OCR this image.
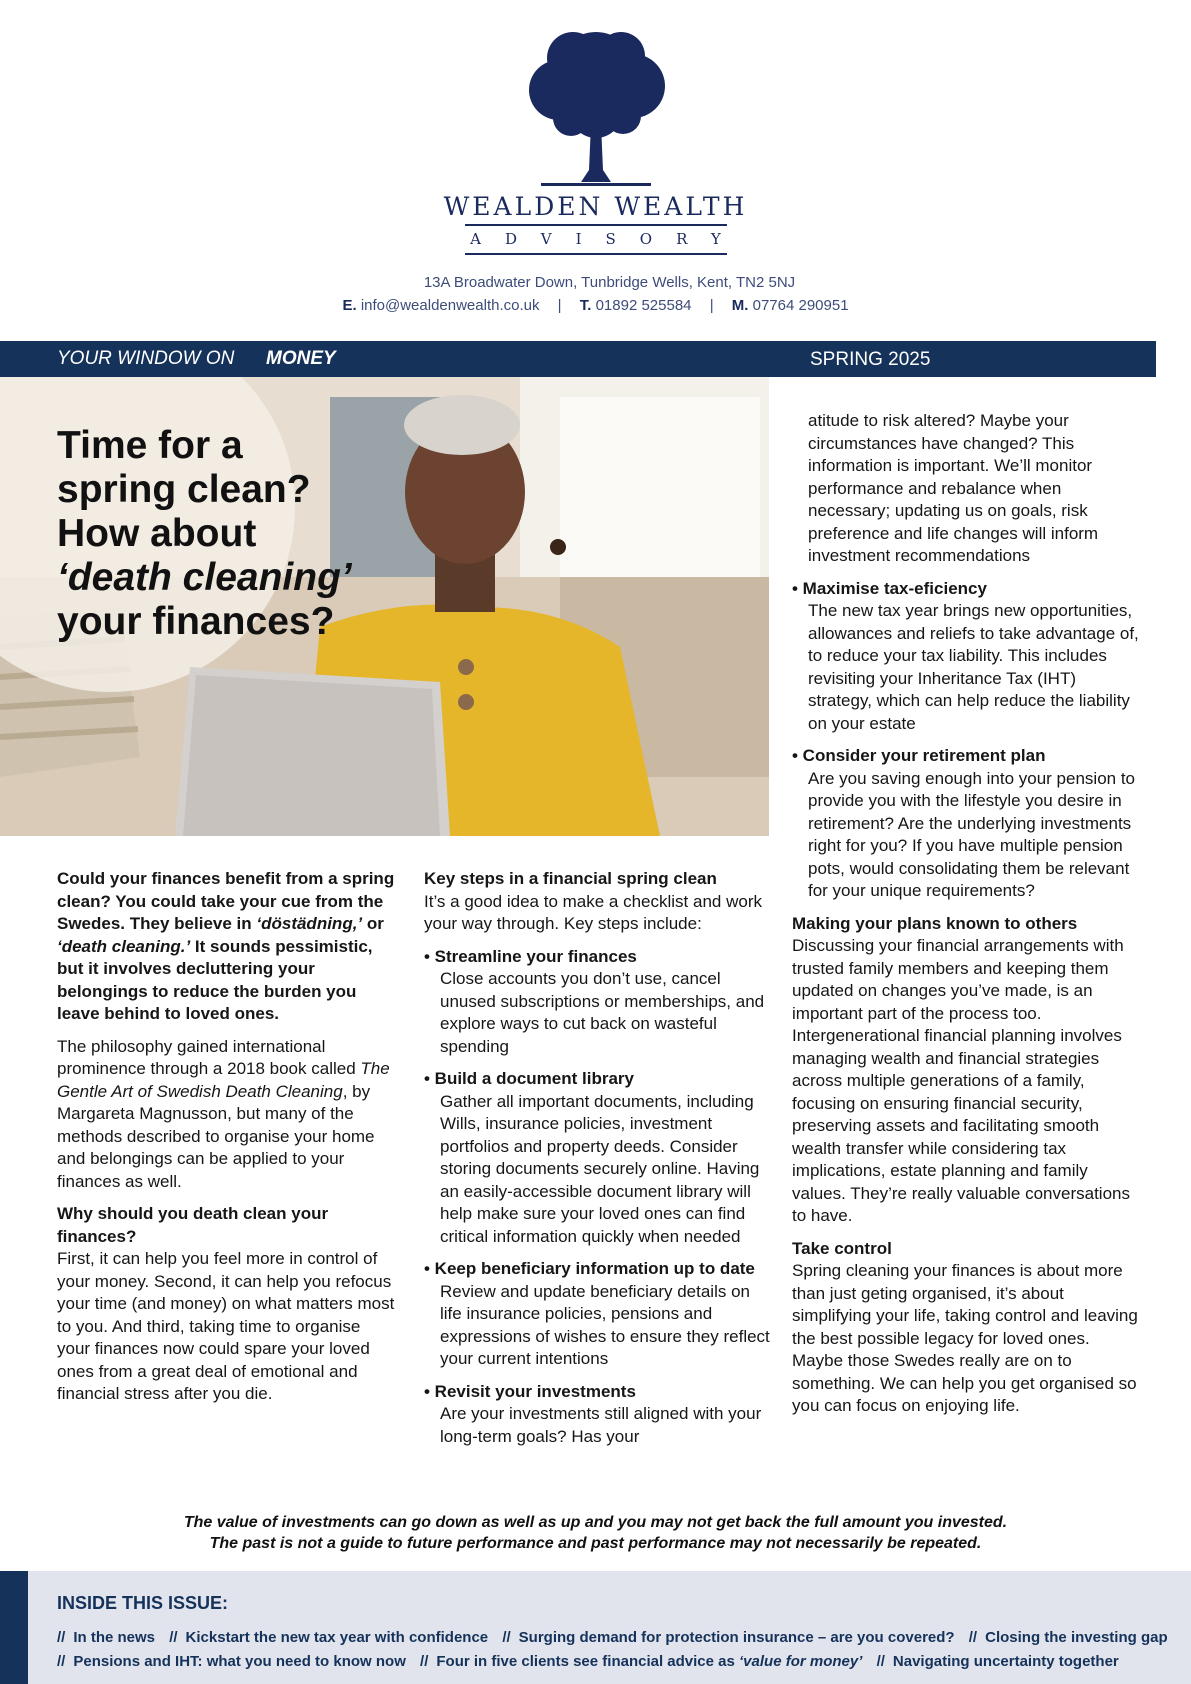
WEALDEN WEALTH
ADVISORY
13A Broadwater Down, Tunbridge Wells, Kent, TN2 5NJ
E. info@wealdenwealth.co.uk | T. 01892 525584 | M. 07764 290951
YOUR WINDOW ON MONEY	SPRING 2025
Time for a
spring clean?
How about
‘death cleaning’
your finances?

Could your finances benefit from a spring clean? You could take your cue from the Swedes. They believe in ‘döstädning,’ or ‘death cleaning.’ It sounds pessimistic, but it involves decluttering your belongings to reduce the burden you leave behind to loved ones.

The philosophy gained international prominence through a 2018 book called The Gentle Art of Swedish Death Cleaning, by Margareta Magnusson, but many of the methods described to organise your home and belongings can be applied to your finances as well.

Why should you death clean your finances?
First, it can help you feel more in control of your money. Second, it can help you refocus your time (and money) on what matters most to you. And third, taking time to organise your finances now could spare your loved ones from a great deal of emotional and financial stress after you die.

Key steps in a financial spring clean
It’s a good idea to make a checklist and work your way through. Key steps include:

• Streamline your finances
Close accounts you don’t use, cancel unused subscriptions or memberships, and explore ways to cut back on wasteful spending
• Build a document library
Gather all important documents, including Wills, insurance policies, investment portfolios and property deeds. Consider storing documents securely online. Having an easily-accessible document library will help make sure your loved ones can find critical information quickly when needed
• Keep beneficiary information up to date
Review and update beneficiary details on life insurance policies, pensions and expressions of wishes to ensure they reflect your current intentions
• Revisit your investments
Are your investments still aligned with your long-term goals? Has your
atitude to risk altered? Maybe your circumstances have changed? This information is important. We’ll monitor performance and rebalance when necessary; updating us on goals, risk preference and life changes will inform investment recommendations
• Maximise tax-eficiency
The new tax year brings new opportunities, allowances and reliefs to take advantage of, to reduce your tax liability. This includes revisiting your Inheritance Tax (IHT) strategy, which can help reduce the liability on your estate
• Consider your retirement plan
Are you saving enough into your pension to provide you with the lifestyle you desire in retirement? Are the underlying investments right for you? If you have multiple pension pots, would consolidating them be relevant for your unique requirements?

Making your plans known to others
Discussing your financial arrangements with trusted family members and keeping them updated on changes you’ve made, is an important part of the process too. Intergenerational financial planning involves managing wealth and financial strategies across multiple generations of a family, focusing on ensuring financial security, preserving assets and facilitating smooth wealth transfer while considering tax implications, estate planning and family values. They’re really valuable conversations to have.

Take control
Spring cleaning your finances is about more than just geting organised, it’s about simplifying your life, taking control and leaving the best possible legacy for loved ones. Maybe those Swedes really are on to something. We can help you get organised so you can focus on enjoying life.

The value of investments can go down as well as up and you may not get back the full amount you invested.
The past is not a guide to future performance and past performance may not necessarily be repeated.
INSIDE THIS ISSUE:
// In the news // Kickstart the new tax year with confidence // Surging demand for protection insurance – are you covered? // Closing the investing gap
// Pensions and IHT: what you need to know now // Four in five clients see financial advice as ‘value for money’ // Navigating uncertainty together
